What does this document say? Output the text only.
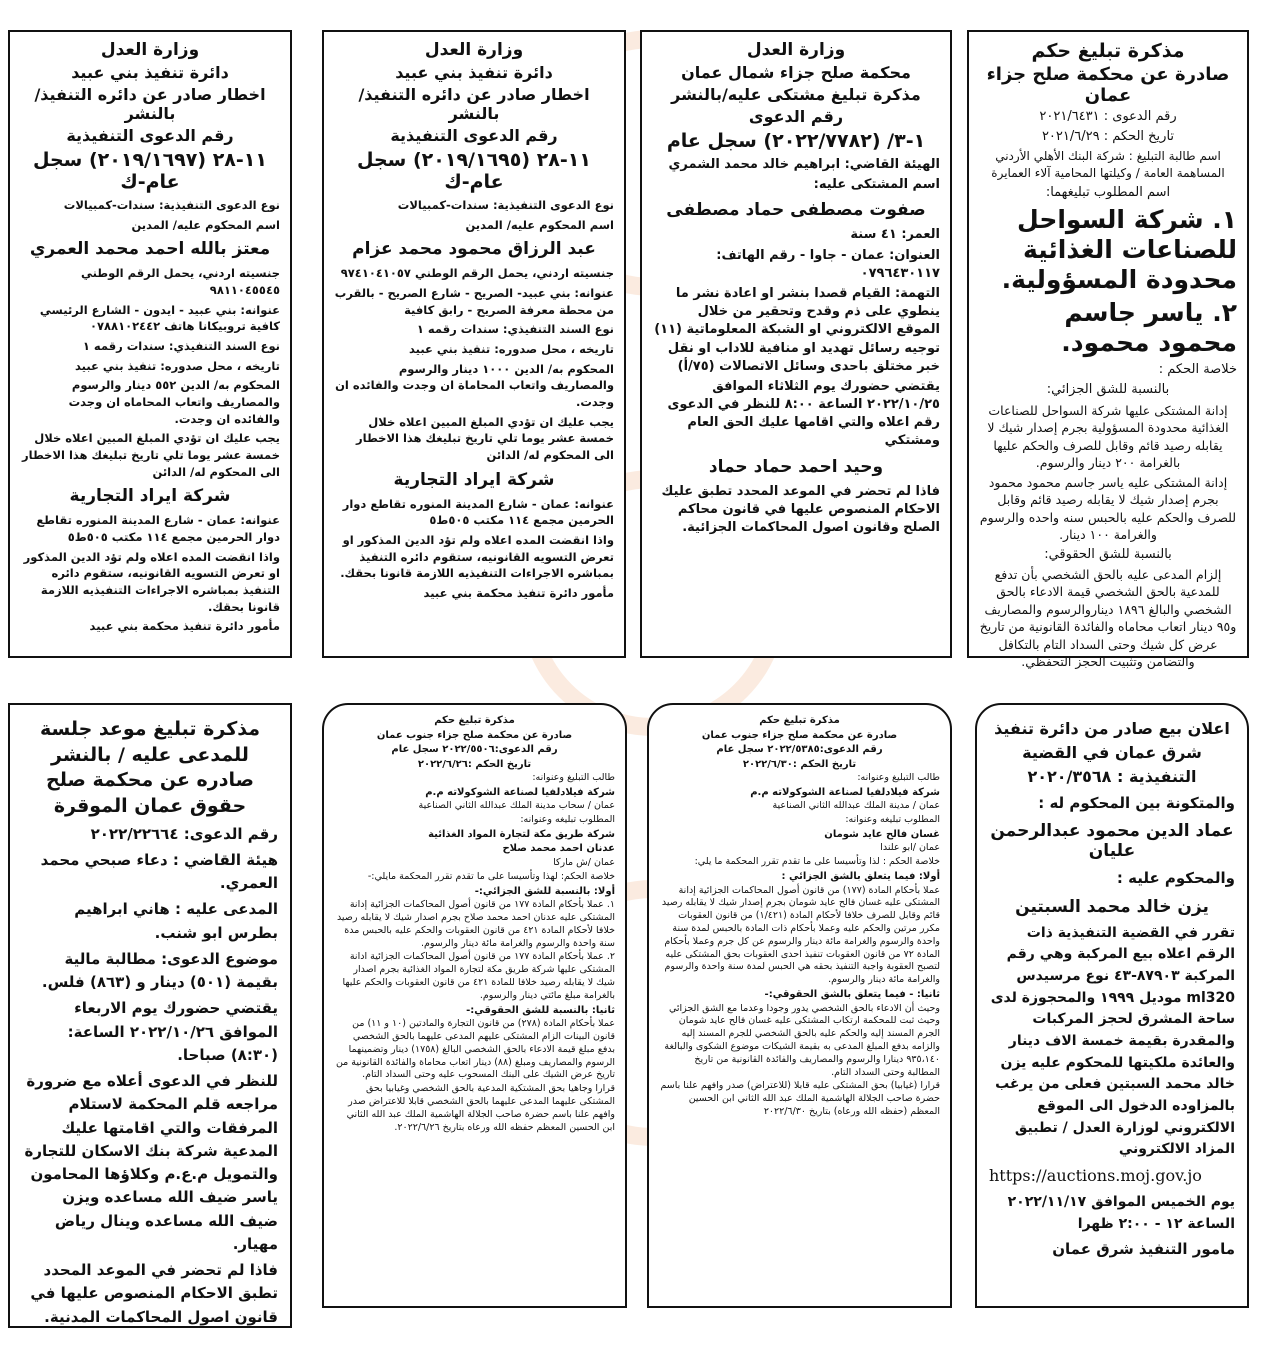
مذكرة تبليغ حكم
صادرة عن محكمة صلح جزاء عمان
رقم الدعوى : ٢٠٢١/٦٤٣١
تاريخ الحكم : ٢٠٢١/٦/٢٩
اسم طالبة التبليغ : شركة البنك الأهلي الأردني المساهمة العامة / وكيلتها المحامية آلاء العمايرة
اسم المطلوب تبليغهما:
١. شركة السواحل للصناعات الغذائية محدودة المسؤولية.
٢. ياسر جاسم محمود محمود.
خلاصة الحكم :
بالنسبة للشق الجزائي:
إدانة المشتكى عليها شركة السواحل للصناعات الغذائية محدودة المسؤولية بجرم إصدار شيك لا يقابله رصيد قائم وقابل للصرف والحكم عليها بالغرامة ٢٠٠ دينار والرسوم.
إدانة المشتكى عليه ياسر جاسم محمود محمود بجرم إصدار شيك لا يقابله رصيد قائم وقابل للصرف والحكم عليه بالحبس سنه واحده والرسوم والغرامة ١٠٠ دينار.
بالنسبة للشق الحقوقي:
إلزام المدعى عليه بالحق الشخصي بأن تدفع للمدعية بالحق الشخصي قيمة الادعاء بالحق الشخصي والبالغ ١٨٩٦ ديناروالرسوم والمصاريف و٩٥ دينار اتعاب محاماه والفائدة القانونية من تاريخ عرض كل شيك وحتى السداد التام بالتكافل والتضامن وتثبيت الحجز التحفظي.
وزارة العدل
محكمة صلح جزاء شمال عمان
مذكرة تبليغ مشتكى عليه/بالنشر
رقم الدعوى
١-٣/ (٢٠٢٢/٧٧٨٢) سجل عام
الهيئة القاضي: ابراهيم خالد محمد الشمري
اسم المشتكى عليه:
صفوت مصطفى حماد مصطفى
العمر: ٤١ سنة
العنوان: عمان - جاوا - رقم الهاتف: ٠٧٩٦٤٣٠١١٧
التهمة: القيام قصدا بنشر او اعادة نشر ما ينطوي على ذم وقدح وتحقير من خلال الموقع الالكتروني او الشبكة المعلوماتية (١١) توجيه رسائل تهديد او منافية للاداب او نقل خبر مختلق باحدى وسائل الاتصالات (٧٥/أ)
يقتضي حضورك يوم الثلاثاء الموافق ٢٠٢٢/١٠/٢٥ الساعة ٨:٠٠ للنظر في الدعوى رقم اعلاه والتي اقامها عليك الحق العام ومشتكي
وحيد احمد حماد حماد
فاذا لم تحضر في الموعد المحدد تطبق عليك الاحكام المنصوص عليها في قانون محاكم الصلح وقانون اصول المحاكمات الجزائية.
وزارة العدل
دائرة تنفيذ بني عبيد
اخطار صادر عن دائره التنفيذ/ بالنشر
رقم الدعوى التنفيذية
١١-٢٨ (٢٠١٩/١٦٩٥) سجل عام-ك
نوع الدعوى التنفيذية: سندات-كمبيالات
اسم المحكوم عليه/ المدين
عبد الرزاق محمود محمد عزام
جنسيته اردني، يحمل الرقم الوطني ٩٧٤١٠٤١٠٥٧
عنوانه: بني عبيد- الصريح - شارع الصريح - بالقرب من محطة معرفة الصريح - رابق كافية
نوع السند التنفيذي: سندات رقمه ١
تاريخه ، محل صدوره: تنفيذ بني عبيد
المحكوم به/ الدين ١٠٠٠ دينار والرسوم والمصاريف واتعاب المحاماة ان وجدت والفائده ان وجدت.
يجب عليك ان تؤدي المبلغ المبين اعلاه خلال خمسة عشر يوما تلي تاريخ تبليغك هذا الاخطار الى المحكوم له/ الدائن
شركة ايراد التجارية
عنوانه: عمان - شارع المدينة المنوره تقاطع دوار الحرمين مجمع ١١٤ مكتب ٥٠٥ط٥
واذا انقضت المده اعلاه ولم تؤد الدين المذكور او تعرض التسويه القانونيه، ستقوم دائره التنفيذ بمباشره الاجراءات التنفيذيه اللازمة قانونا بحقك.
مأمور دائرة تنفيذ محكمة بني عبيد
وزارة العدل
دائرة تنفيذ بني عبيد
اخطار صادر عن دائره التنفيذ/ بالنشر
رقم الدعوى التنفيذية
١١-٢٨ (٢٠١٩/١٦٩٧) سجل عام-ك
نوع الدعوى التنفيذية: سندات-كمبيالات
اسم المحكوم عليه/ المدين
معتز بالله احمد محمد العمري
جنسيته اردني، يحمل الرقم الوطني ٩٨١١٠٤٥٥٤٥
عنوانه: بني عبيد - ايدون - الشارع الرئيسي كافية تروبيكانا هاتف ٠٧٨٨١٠٢٤٤٢
نوع السند التنفيذي: سندات رقمه ١
تاريخه ، محل صدوره: تنفيذ بني عبيد
المحكوم به/ الدين ٥٥٢ دينار والرسوم والمصاريف واتعاب المحاماه ان وجدت والفائده ان وجدت.
يجب عليك ان تؤدي المبلغ المبين اعلاه خلال خمسة عشر يوما تلي تاريخ تبليغك هذا الاخطار الى المحكوم له/ الدائن
شركة ايراد التجارية
عنوانه: عمان - شارع المدينة المنوره تقاطع دوار الحرمين مجمع ١١٤ مكتب ٥٠٥ط٥
واذا انقضت المده اعلاه ولم تؤد الدين المذكور او تعرض التسويه القانونيه، ستقوم دائره التنفيذ بمباشره الاجراءات التنفيذيه اللازمة قانونا بحقك.
مأمور دائرة تنفيذ محكمة بني عبيد
اعلان بيع صادر من دائرة تنفيذ شرق عمان في القضية التنفيذية : ٢٠٢٠/٣٥٦٨
والمتكونة بين المحكوم له :
عماد الدين محمود عبدالرحمن عليان
والمحكوم عليه :
يزن خالد محمد السبتين
تقرر في القضية التنفيذية ذات الرقم اعلاه بيع المركبة وهي رقم المركبة ٨٧٩٠٣-٤٣ نوع مرسيدس ml320 موديل ١٩٩٩ والمحجوزة لدى ساحة المشرق لحجز المركبات والمقدرة بقيمة خمسة الاف دينار والعائدة ملكيتها للمحكوم عليه يزن خالد محمد السبتين فعلى من يرغب بالمزاوده الدخول الى الموقع الالكتروني لوزارة العدل / تطبيق المزاد الالكتروني
https://auctions.moj.gov.jo
يوم الخميس الموافق ٢٠٢٢/١١/١٧ الساعة ١٢ - ٢:٠٠ ظهرا
مامور التنفيذ شرق عمان
مذكرة تبليغ حكم
صادرة عن محكمة صلح جزاء جنوب عمان
رقم الدعوى:٢٠٢٢/٥٣٨٥ سجل عام
تاريخ الحكم :٢٠٢٢/٦/٣٠
طالب التبليغ وعنوانه:
شركة فيلادلفيا لصناعة الشوكولاته م.م
عمان / مدينة الملك عبدالله الثاني الصناعية
المطلوب تبليغه وعنوانه:
غسان فالح عايد شومان
عمان /ابو علندا
خلاصة الحكم : لذا وتأسيسا على ما تقدم تقرر المحكمة ما يلي:
أولا: فيما يتعلق بالشق الجزائي :
عملا بأحكام المادة (١٧٧) من قانون أصول المحاكمات الجزائية إدانة المشتكى عليه غسان فالح عايد شومان بجرم إصدار شيك لا يقابله رصيد قائم وقابل للصرف خلافا لأحكام المادة (١/٤٢١) من قانون العقوبات مكرر مرتين والحكم عليه وعملا بأحكام ذات المادة بالحبس لمدة سنة واحدة والرسوم والغرامة مائة دينار والرسوم عن كل جرم وعملا بأحكام المادة ٧٢ من قانون العقوبات تنفيذ احدى العقوبات بحق المشتكى عليه لتصبح العقوبة واجبة التنفيذ بحقه هي الحبس لمدة سنة واحدة والرسوم والغرامة مائة دينار والرسوم.
ثانيا: - فيما يتعلق بالشق الحقوقي:-
وحيث أن الادعاء بالحق الشخصي يدور وجودا وعدما مع الشق الجزائي وحيث ثبت للمحكمة ارتكاب المشتكى عليه غسان فالح عايد شومان الجرم المسند إليه والحكم عليه بالحق الشخصي للجرم المسند إليه والزامه بدفع المبلغ المدعى به بقيمة الشيكات موضوع الشكوى والبالغة ٩٣٥،١٤٠ دينارا والرسوم والمصاريف والفائدة القانونية من تاريخ المطالبة وحتى السداد التام.
قرارا (غيابيا) بحق المشتكى عليه قابلا (للاعتراض) صدر وافهم علنا باسم حضرة صاحب الجلالة الهاشمية الملك عبد الله الثاني ابن الحسين المعظم (حفظه الله ورعاه) بتاريخ ٢٠٢٢/٦/٣٠
مذكرة تبليغ حكم
صادرة عن محكمة صلح جزاء جنوب عمان
رقم الدعوى:٢٠٢٢/٥٥٠٦ سجل عام
تاريخ الحكم :٢٠٢٢/٦/٢٦
طالب التبليغ وعنوانه:
شركة فيلادلفيا لصناعة الشوكولاته م.م
عمان / سحاب مدينة الملك عبدالله الثاني الصناعية
المطلوب تبليغه وعنوانه:
شركة طريق مكة لتجارة المواد الغذائية
عدنان احمد محمد صلاح
عمان /ش ماركا
خلاصة الحكم: لهذا وتأسيسا على ما تقدم تقرر المحكمة مايلي:-
أولا: بالنسبة للشق الجزائي:-
١. عملا بأحكام المادة ١٧٧ من قانون أصول المحاكمات الجزائية إدانة المشتكى عليه عدنان احمد محمد صلاح بجرم اصدار شيك لا يقابله رصيد خلافا لأحكام المادة ٤٢١ من قانون العقوبات والحكم عليه بالحبس مدة سنة واحدة والرسوم والغرامة مائة دينار والرسوم.
٢. عملا بأحكام المادة ١٧٧ من قانون أصول المحاكمات الجزائية ادانة المشتكى عليها شركة طريق مكة لتجارة المواد الغذائية بجرم اصدار شيك لا يقابله رصيد خلافا للمادة ٤٢١ من قانون العقوبات والحكم عليها بالغرامة مبلغ مائتي دينار والرسوم.
ثانيا: بالنسبة للشق الحقوقي:-
عملا بأحكام المادة (٢٧٨) من قانون التجارة والمادتين (١٠ و ١١) من قانون البينات الزام المشتكى عليهم المدعى عليهما بالحق الشخصي بدفع مبلغ قيمة الادعاء بالحق الشخصي البالغ (١٧٥٨) دينار وتضمينهما الرسوم والمصاريف ومبلغ (٨٨) دينار اتعاب محاماة والفائدة القانونية من تاريخ عرض الشيك على البنك المسحوب عليه وحتى السداد التام.
قرارا وجاهيا بحق المشتكية المدعية بالحق الشخصي وغيابيا بحق المشتكى عليهما المدعى عليهما بالحق الشخصي قابلا للاعتراض صدر وافهم علنا باسم حضرة صاحب الجلالة الهاشمية الملك عبد الله الثاني ابن الحسين المعظم حفظه الله ورعاه بتاريخ ٢٠٢٢/٦/٢٦.
مذكرة تبليغ موعد جلسة للمدعى عليه / بالنشر صادره عن محكمة صلح حقوق عمان الموقرة
رقم الدعوى: ٢٠٢٢/٢٢٦٦٤
هيئة القاضي : دعاء صبحي محمد العمري.
المدعى عليه : هاني ابراهيم بطرس ابو شنب.
موضوع الدعوى: مطالبة مالية بقيمة (٥٠١) دينار و (٨٦٣) فلس.
يقتضي حضورك يوم الاربعاء الموافق ٢٠٢٢/١٠/٢٦ الساعة: (٨:٣٠) صباحا.
للنظر في الدعوى أعلاه مع ضرورة مراجعه قلم المحكمة لاستلام المرفقات والتي اقامتها عليك المدعية شركة بنك الاسكان للتجارة والتمويل م.ع.م وكلاؤها المحامون ياسر ضيف الله مساعده ويزن ضيف الله مساعده وينال رياض مهيار.
فاذا لم تحضر في الموعد المحدد تطبق الاحكام المنصوص عليها في قانون اصول المحاكمات المدنية.
